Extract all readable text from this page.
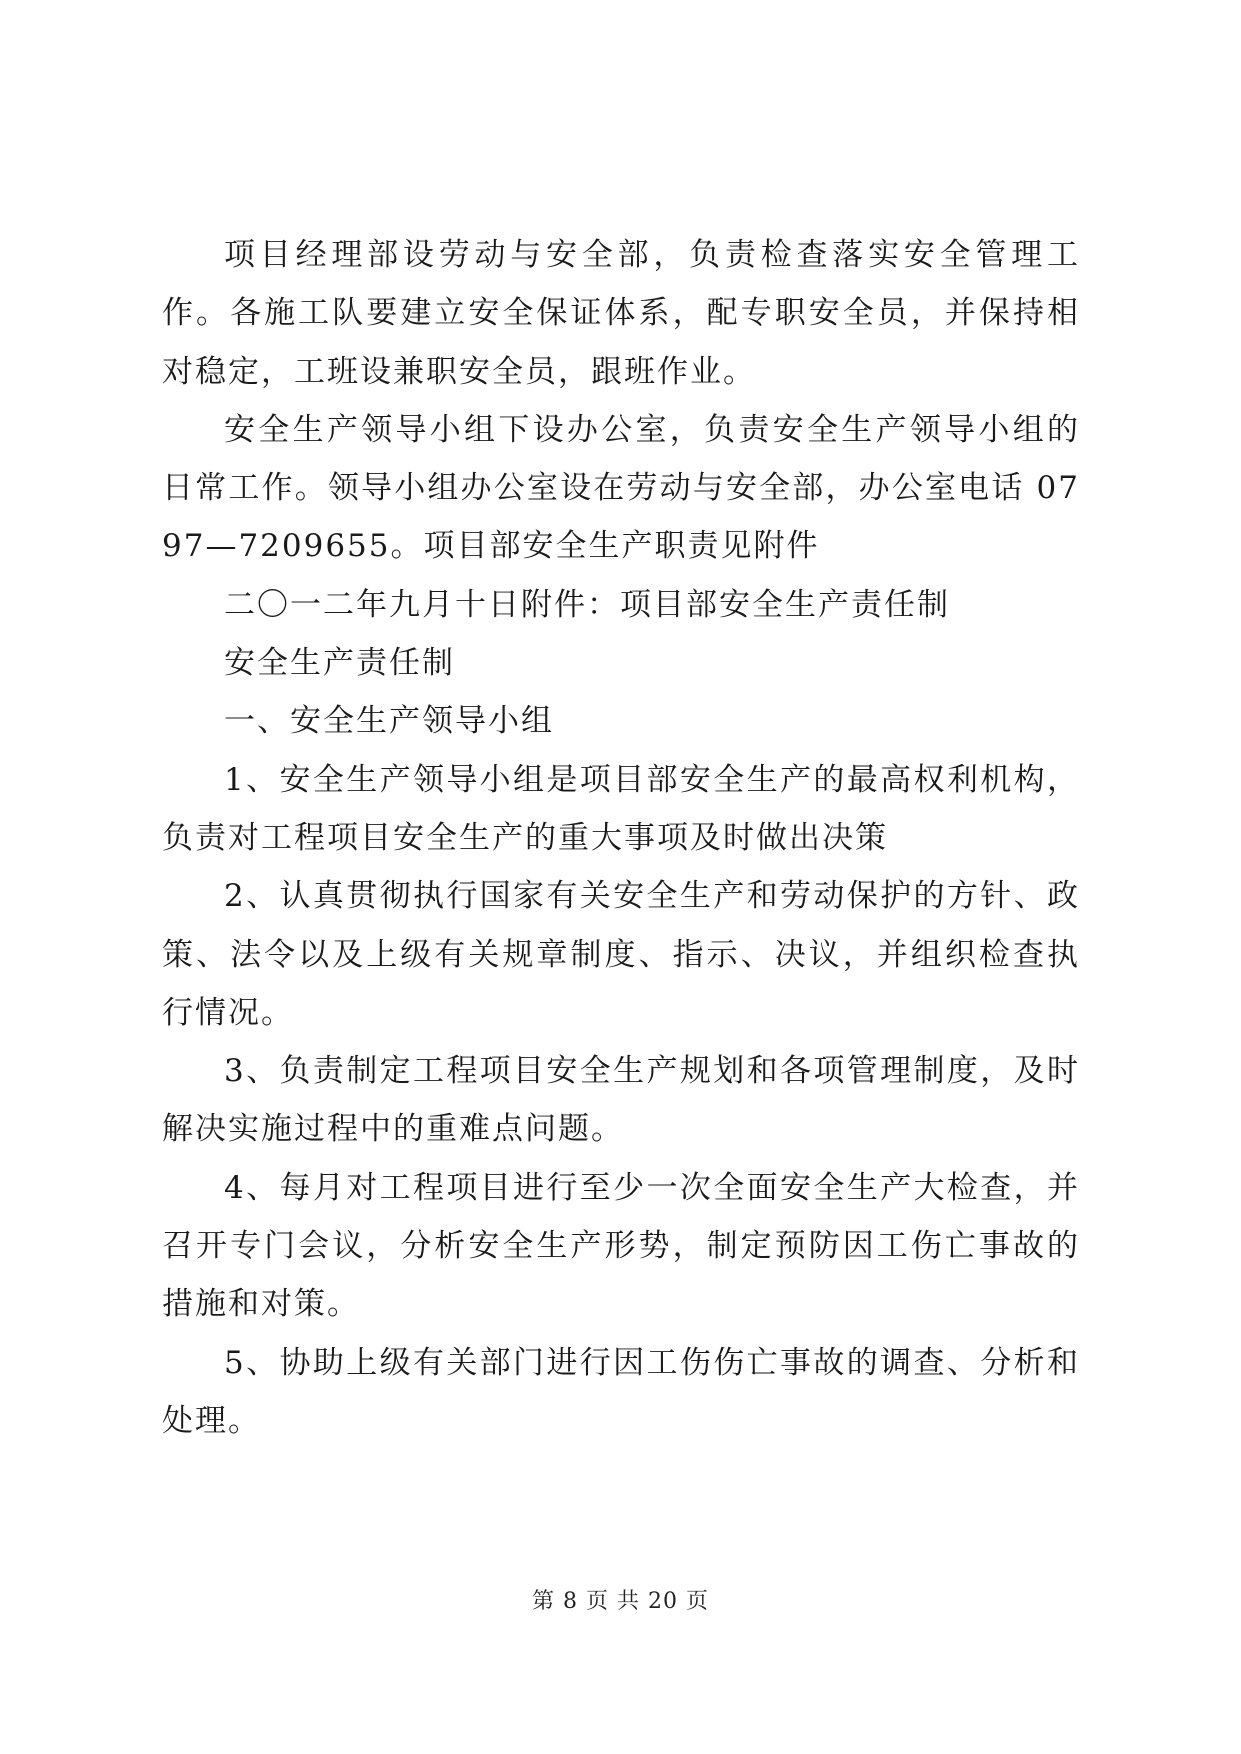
项目经理部设劳动与安全部，负责检查落实安全管理工作。各施工队要建立安全保证体系，配专职安全员，并保持相对稳定，工班设兼职安全员，跟班作业。

安全生产领导小组下设办公室，负责安全生产领导小组的日常工作。领导小组办公室设在劳动与安全部，办公室电话 0797—7209655。项目部安全生产职责见附件

二〇一二年九月十日附件：项目部安全生产责任制

安全生产责任制

一、安全生产领导小组

1、安全生产领导小组是项目部安全生产的最高权利机构，负责对工程项目安全生产的重大事项及时做出决策

2、认真贯彻执行国家有关安全生产和劳动保护的方针、政策、法令以及上级有关规章制度、指示、决议，并组织检查执行情况。

3、负责制定工程项目安全生产规划和各项管理制度，及时解决实施过程中的重难点问题。

4、每月对工程项目进行至少一次全面安全生产大检查，并召开专门会议，分析安全生产形势，制定预防因工伤亡事故的措施和对策。

5、协助上级有关部门进行因工伤伤亡事故的调查、分析和处理。

第 8 页 共 20 页
